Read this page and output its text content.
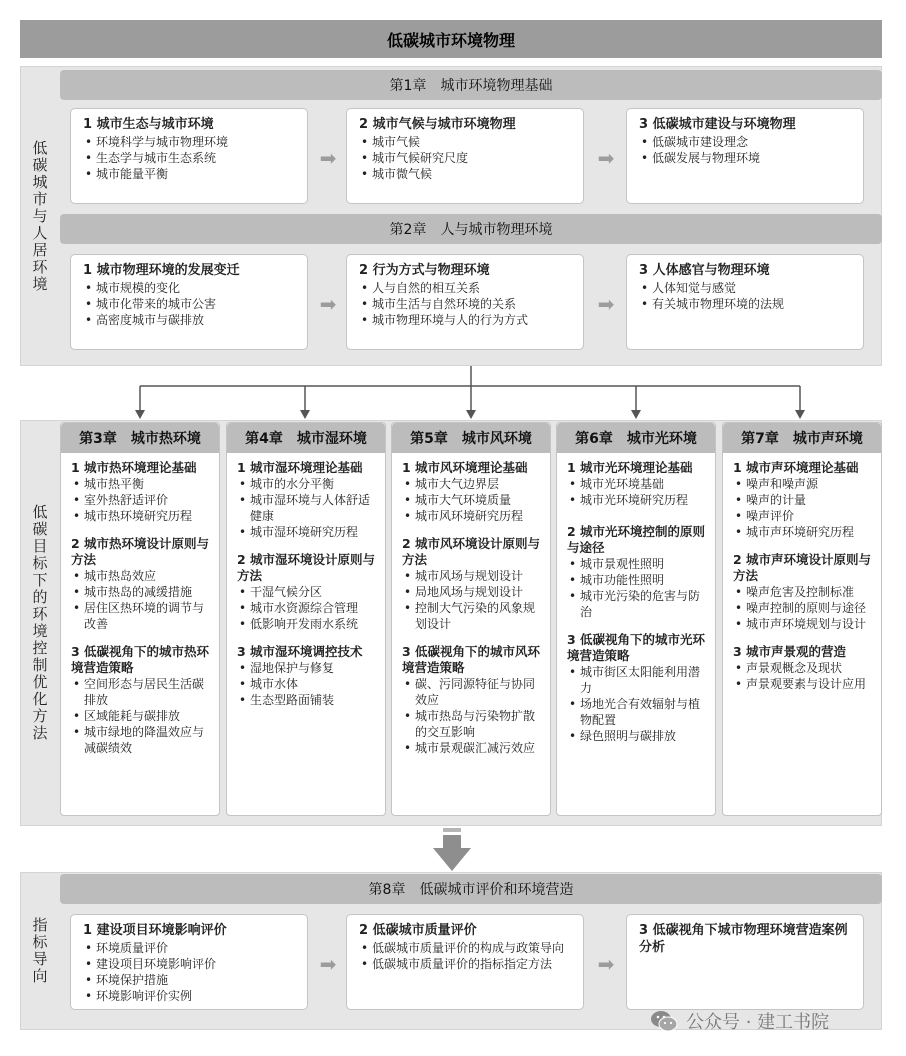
低碳城市环境物理
低碳城市与人居环境
第1章　城市环境物理基础
1 城市生态与城市环境
• 环境科学与城市物理环境
• 生态学与城市生态系统
• 城市能量平衡
➡
2 城市气候与城市环境物理
• 城市气候
• 城市气候研究尺度
• 城市微气候
➡
3 低碳城市建设与环境物理
• 低碳城市建设理念
• 低碳发展与物理环境
第2章　人与城市物理环境
1 城市物理环境的发展变迁
• 城市规模的变化
• 城市化带来的城市公害
• 高密度城市与碳排放
➡
2 行为方式与物理环境
• 人与自然的相互关系
• 城市生活与自然环境的关系
• 城市物理环境与人的行为方式
➡
3 人体感官与物理环境
• 人体知觉与感觉
• 有关城市物理环境的法规
低碳目标下的环境控制优化方法
第3章　城市热环境
1 城市热环境理论基础
• 城市热平衡
• 室外热舒适评价
• 城市热环境研究历程
2 城市热环境设计原则与方法
• 城市热岛效应
• 城市热岛的减缓措施
• 居住区热环境的调节与改善
3 低碳视角下的城市热环境营造策略
• 空间形态与居民生活碳排放
• 区域能耗与碳排放
• 城市绿地的降温效应与减碳绩效
第4章　城市湿环境
1 城市湿环境理论基础
• 城市的水分平衡
• 城市湿环境与人体舒适健康
• 城市湿环境研究历程
2 城市湿环境设计原则与方法
• 干湿气候分区
• 城市水资源综合管理
• 低影响开发雨水系统
3 城市湿环境调控技术
• 湿地保护与修复
• 城市水体
• 生态型路面铺装
第5章　城市风环境
1 城市风环境理论基础
• 城市大气边界层
• 城市大气环境质量
• 城市风环境研究历程
2 城市风环境设计原则与方法
• 城市风场与规划设计
• 局地风场与规划设计
• 控制大气污染的风象规划设计
3 低碳视角下的城市风环境营造策略
• 碳、污同源特征与协同效应
• 城市热岛与污染物扩散的交互影响
• 城市景观碳汇减污效应
第6章　城市光环境
1 城市光环境理论基础
• 城市光环境基础
• 城市光环境研究历程
2 城市光环境控制的原则与途径
• 城市景观性照明
• 城市功能性照明
• 城市光污染的危害与防治
3 低碳视角下的城市光环境营造策略
• 城市街区太阳能利用潜力
• 场地光合有效辐射与植物配置
• 绿色照明与碳排放
第7章　城市声环境
1 城市声环境理论基础
• 噪声和噪声源
• 噪声的计量
• 噪声评价
• 城市声环境研究历程
2 城市声环境设计原则与方法
• 噪声危害及控制标准
• 噪声控制的原则与途径
• 城市声环境规划与设计
3 城市声景观的营造
• 声景观概念及现状
• 声景观要素与设计应用
指标导向
第8章　低碳城市评价和环境营造
1 建设项目环境影响评价
• 环境质量评价
• 建设项目环境影响评价
• 环境保护措施
• 环境影响评价实例
➡
2 低碳城市质量评价
• 低碳城市质量评价的构成与政策导向
• 低碳城市质量评价的指标指定方法	➡
3 低碳视角下城市物理环境营造案例分析
公众号 · 建工书院
